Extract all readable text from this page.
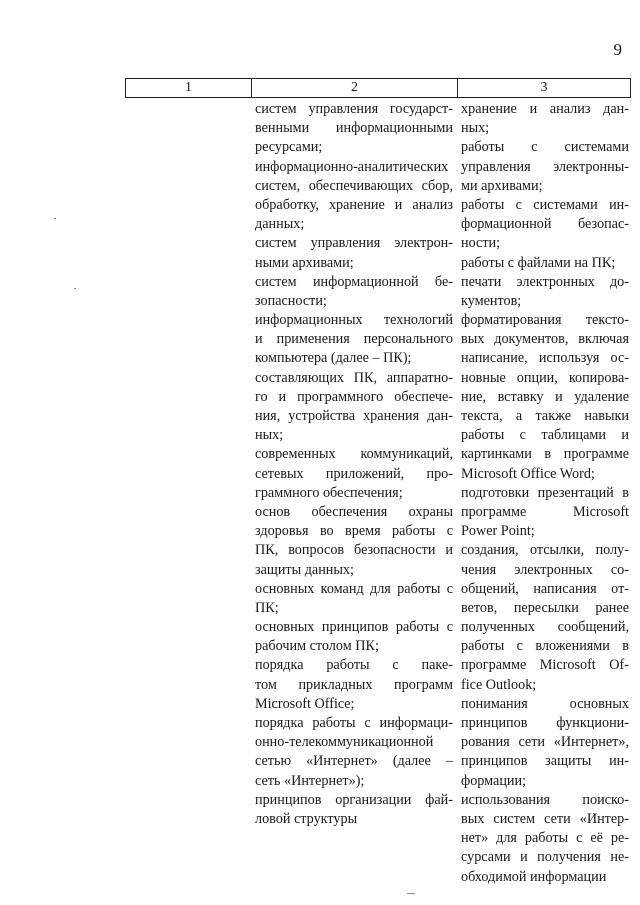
9
1	2	3
систем управления государст-
венными информационными
ресурсами;
информационно-аналитических
систем, обеспечивающих сбор,
обработку, хранение и анализ
данных;
систем управления электрон-
ными архивами;
систем информационной бе-
зопасности;
информационных технологий
и применения персонального
компьютера (далее – ПК);
составляющих ПК, аппаратно-
го и программного обеспече-
ния, устройства хранения дан-
ных;
современных коммуникаций,
сетевых приложений, про-
граммного обеспечения;
основ обеспечения охраны
здоровья во время работы с
ПК, вопросов безопасности и
защиты данных;
основных команд для работы с
ПК;
основных принципов работы с
рабочим столом ПК;
порядка работы с паке-
том прикладных программ
Microsoft Office;
порядка работы с информаци-
онно-телекоммуникационной
сетью «Интернет» (далее –
сеть «Интернет»);
принципов организации фай-
ловой структуры
хранение и анализ дан-
ных;
работы с системами
управления электронны-
ми архивами;
работы с системами ин-
формационной безопас-
ности;
работы с файлами на ПК;
печати электронных до-
кументов;
форматирования тексто-
вых документов, включая
написание, используя ос-
новные опции, копирова-
ние, вставку и удаление
текста, а также навыки
работы с таблицами и
картинками в программе
Microsoft Office Word;
подготовки презентаций в
программе Microsoft
Power Point;
создания, отсылки, полу-
чения электронных со-
общений, написания от-
ветов, пересылки ранее
полученных сообщений,
работы с вложениями в
программе Microsoft Of-
fice Outlook;
понимания основных
принципов функциони-
рования сети «Интернет»,
принципов защиты ин-
формации;
использования поиско-
вых систем сети «Интер-
нет» для работы с её ре-
сурсами и получения не-
обходимой информации
